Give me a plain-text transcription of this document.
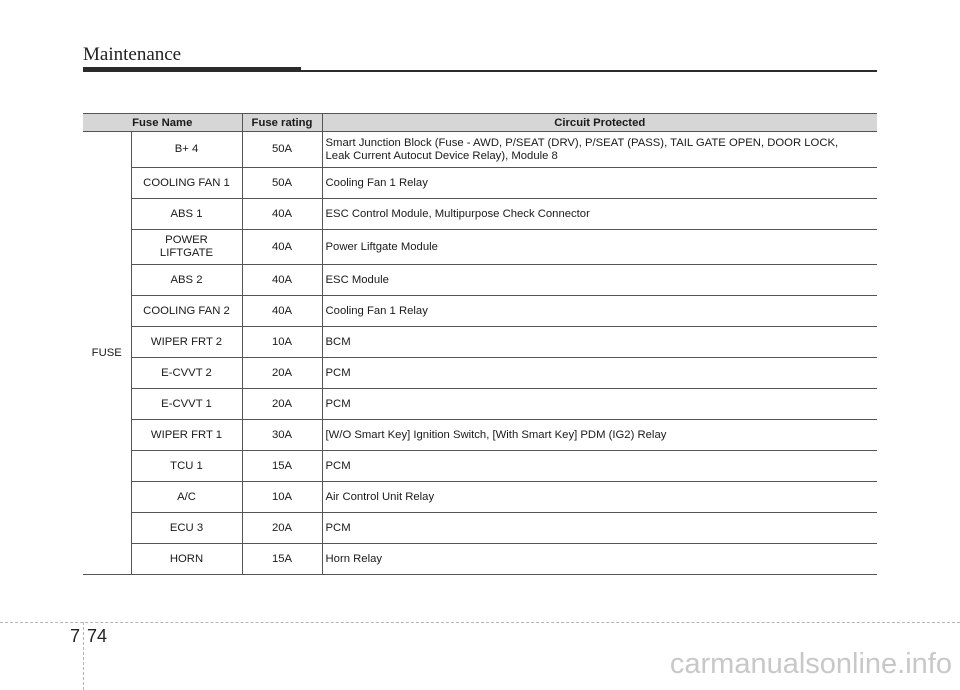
Maintenance
Fuse Name		Fuse rating	Circuit Protected
FUSE	B+ 4	50A	Smart Junction Block (Fuse - AWD, P/SEAT (DRV), P/SEAT (PASS), TAIL GATE OPEN, DOOR LOCK, Leak Current Autocut Device Relay), Module 8
	COOLING FAN 1	50A	Cooling Fan 1 Relay
	ABS 1	40A	ESC Control Module, Multipurpose Check Connector
	POWER LIFTGATE	40A	Power Liftgate Module
	ABS 2	40A	ESC Module
	COOLING FAN 2	40A	Cooling Fan 1 Relay
	WIPER FRT 2	10A	BCM
	E-CVVT 2	20A	PCM
	E-CVVT 1	20A	PCM
	WIPER FRT 1	30A	[W/O Smart Key] Ignition Switch, [With Smart Key] PDM (IG2) Relay
	TCU 1	15A	PCM
	A/C	10A	Air Control Unit Relay
	ECU 3	20A	PCM
	HORN	15A	Horn Relay
7 74
carmanualsonline.info
